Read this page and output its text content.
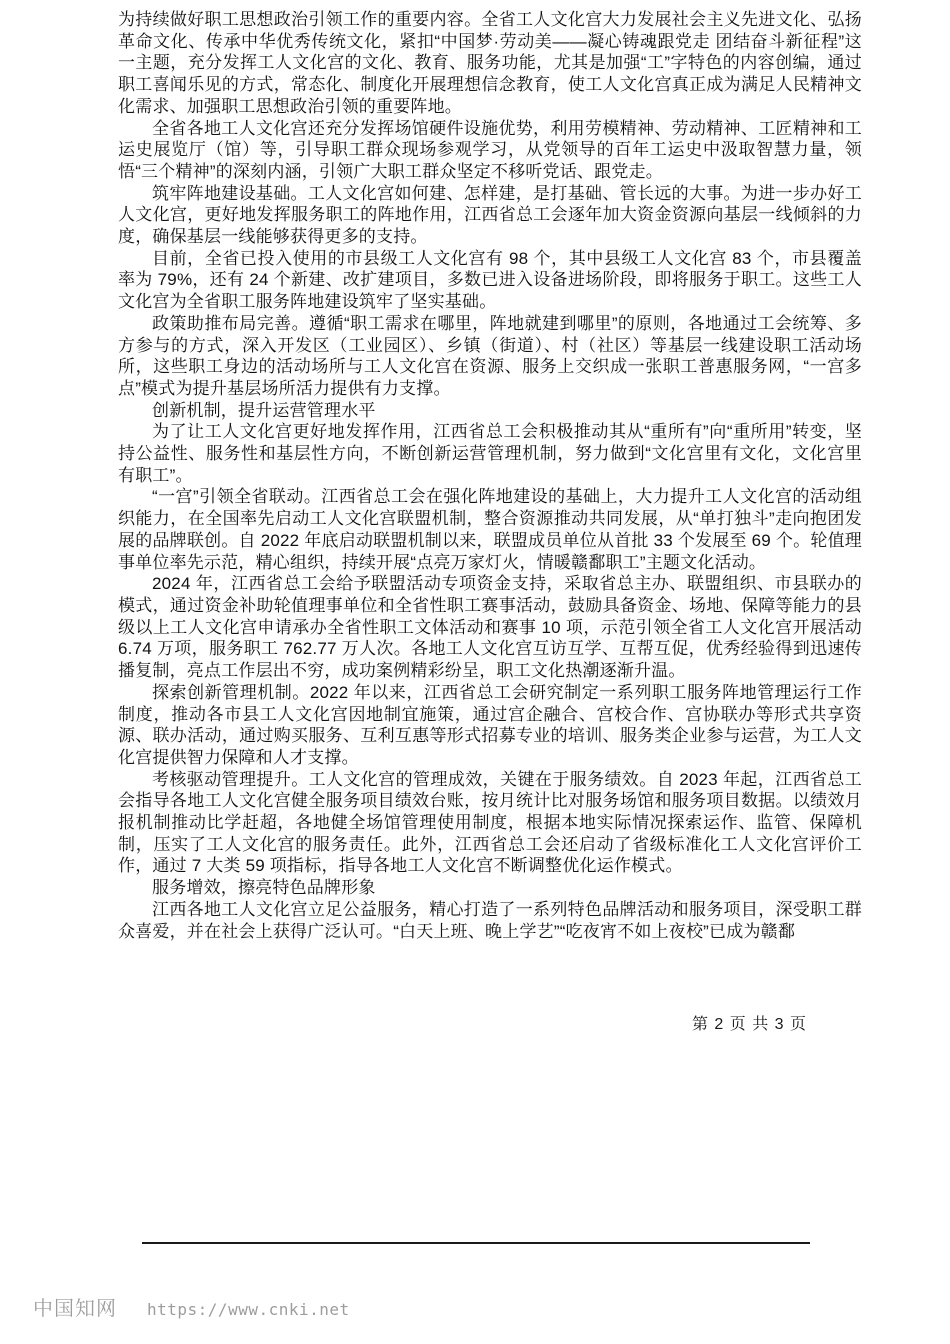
为持续做好职工思想政治引领工作的重要内容。全省工人文化宫大力发展社会主义先进文化、弘扬革命文化、传承中华优秀传统文化，紧扣“中国梦·劳动美——凝心铸魂跟党走 团结奋斗新征程”这一主题，充分发挥工人文化宫的文化、教育、服务功能，尤其是加强“工”字特色的内容创编，通过职工喜闻乐见的方式，常态化、制度化开展理想信念教育，使工人文化宫真正成为满足人民精神文化需求、加强职工思想政治引领的重要阵地。

全省各地工人文化宫还充分发挥场馆硬件设施优势，利用劳模精神、劳动精神、工匠精神和工运史展览厅（馆）等，引导职工群众现场参观学习，从党领导的百年工运史中汲取智慧力量，领悟“三个精神”的深刻内涵，引领广大职工群众坚定不移听党话、跟党走。

筑牢阵地建设基础。工人文化宫如何建、怎样建，是打基础、管长远的大事。为进一步办好工人文化宫，更好地发挥服务职工的阵地作用，江西省总工会逐年加大资金资源向基层一线倾斜的力度，确保基层一线能够获得更多的支持。

目前，全省已投入使用的市县级工人文化宫有 98 个，其中县级工人文化宫 83 个，市县覆盖率为 79%，还有 24 个新建、改扩建项目，多数已进入设备进场阶段，即将服务于职工。这些工人文化宫为全省职工服务阵地建设筑牢了坚实基础。

政策助推布局完善。遵循“职工需求在哪里，阵地就建到哪里”的原则，各地通过工会统筹、多方参与的方式，深入开发区（工业园区）、乡镇（街道）、村（社区）等基层一线建设职工活动场所，这些职工身边的活动场所与工人文化宫在资源、服务上交织成一张职工普惠服务网，“一宫多点”模式为提升基层场所活力提供有力支撑。

创新机制，提升运营管理水平

为了让工人文化宫更好地发挥作用，江西省总工会积极推动其从“重所有”向“重所用”转变，坚持公益性、服务性和基层性方向，不断创新运营管理机制，努力做到“文化宫里有文化，文化宫里有职工”。

“一宫”引领全省联动。江西省总工会在强化阵地建设的基础上，大力提升工人文化宫的活动组织能力，在全国率先启动工人文化宫联盟机制，整合资源推动共同发展，从“单打独斗”走向抱团发展的品牌联创。自 2022 年底启动联盟机制以来，联盟成员单位从首批 33 个发展至 69 个。轮值理事单位率先示范，精心组织，持续开展“点亮万家灯火，情暖赣鄱职工”主题文化活动。

2024 年，江西省总工会给予联盟活动专项资金支持，采取省总主办、联盟组织、市县联办的模式，通过资金补助轮值理事单位和全省性职工赛事活动，鼓励具备资金、场地、保障等能力的县级以上工人文化宫申请承办全省性职工文体活动和赛事 10 项，示范引领全省工人文化宫开展活动 6.74 万项，服务职工 762.77 万人次。各地工人文化宫互访互学、互帮互促，优秀经验得到迅速传播复制，亮点工作层出不穷，成功案例精彩纷呈，职工文化热潮逐渐升温。

探索创新管理机制。2022 年以来，江西省总工会研究制定一系列职工服务阵地管理运行工作制度，推动各市县工人文化宫因地制宜施策，通过宫企融合、宫校合作、宫协联办等形式共享资源、联办活动，通过购买服务、互利互惠等形式招募专业的培训、服务类企业参与运营，为工人文化宫提供智力保障和人才支撑。

考核驱动管理提升。工人文化宫的管理成效，关键在于服务绩效。自 2023 年起，江西省总工会指导各地工人文化宫健全服务项目绩效台账，按月统计比对服务场馆和服务项目数据。以绩效月报机制推动比学赶超，各地健全场馆管理使用制度，根据本地实际情况探索运作、监管、保障机制，压实了工人文化宫的服务责任。此外，江西省总工会还启动了省级标准化工人文化宫评价工作，通过 7 大类 59 项指标，指导各地工人文化宫不断调整优化运作模式。

服务增效，擦亮特色品牌形象

江西各地工人文化宫立足公益服务，精心打造了一系列特色品牌活动和服务项目，深受职工群众喜爱，并在社会上获得广泛认可。“白天上班、晚上学艺”“吃夜宵不如上夜校”已成为赣鄱

第 2 页 共 3 页
中国知网 https://www.cnki.net
